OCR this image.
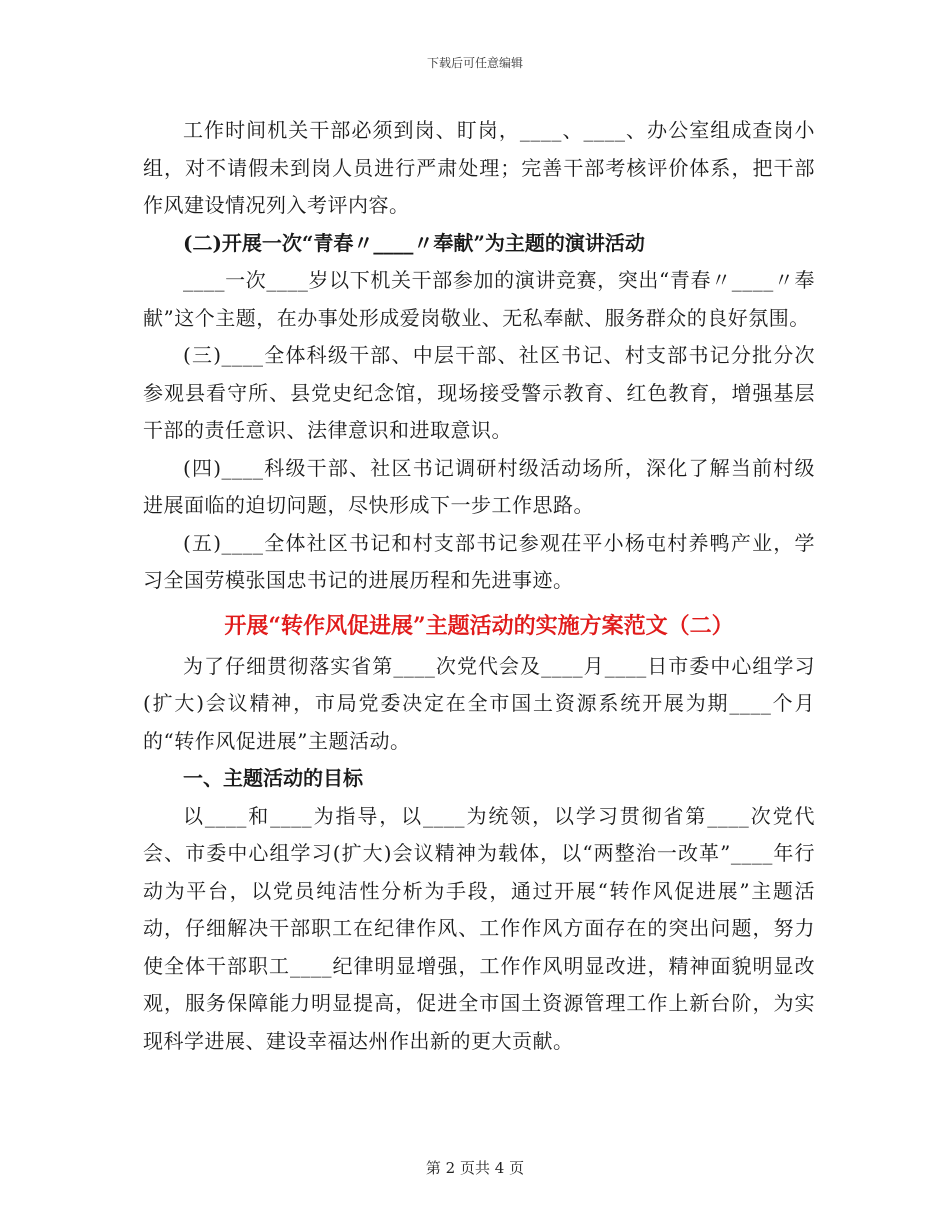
下载后可任意编辑

工作时间机关干部必须到岗、盯岗，____、____、办公室组成查岗小组，对不请假未到岗人员进行严肃处理；完善干部考核评价体系，把干部作风建设情况列入考评内容。

(二)开展一次“青春〃____〃奉献”为主题的演讲活动

____一次____岁以下机关干部参加的演讲竞赛，突出“青春〃____〃奉献”这个主题，在办事处形成爱岗敬业、无私奉献、服务群众的良好氛围。

(三)____全体科级干部、中层干部、社区书记、村支部书记分批分次参观县看守所、县党史纪念馆，现场接受警示教育、红色教育，增强基层干部的责任意识、法律意识和进取意识。

(四)____科级干部、社区书记调研村级活动场所，深化了解当前村级进展面临的迫切问题，尽快形成下一步工作思路。

(五)____全体社区书记和村支部书记参观茌平小杨屯村养鸭产业，学习全国劳模张国忠书记的进展历程和先进事迹。

开展“转作风促进展”主题活动的实施方案范文（二）

为了仔细贯彻落实省第____次党代会及____月____日市委中心组学习(扩大)会议精神，市局党委决定在全市国土资源系统开展为期____个月的“转作风促进展”主题活动。

一、主题活动的目标

以____和____为指导，以____为统领，以学习贯彻省第____次党代会、市委中心组学习(扩大)会议精神为载体，以“两整治一改革”____年行动为平台，以党员纯洁性分析为手段，通过开展“转作风促进展”主题活动，仔细解决干部职工在纪律作风、工作作风方面存在的突出问题，努力使全体干部职工____纪律明显增强，工作作风明显改进，精神面貌明显改观，服务保障能力明显提高，促进全市国土资源管理工作上新台阶，为实现科学进展、建设幸福达州作出新的更大贡献。

第 2 页共 4 页
